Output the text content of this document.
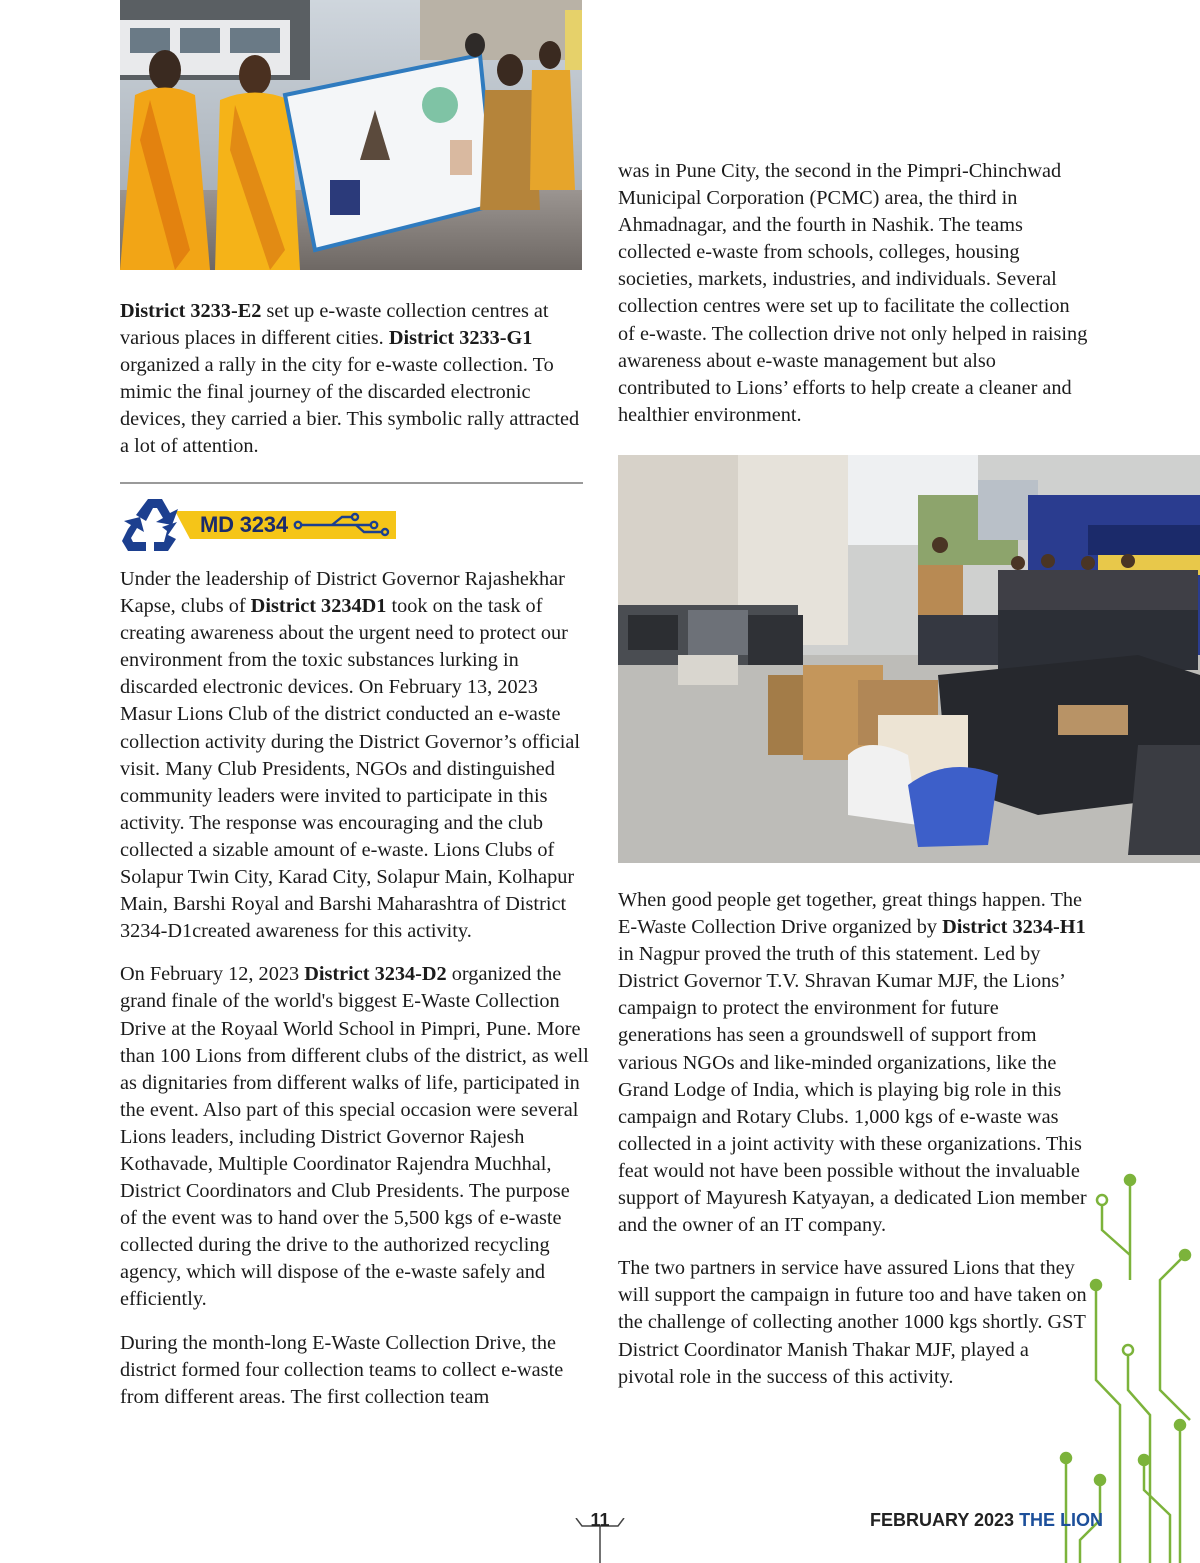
District 3233-E2 set up e-waste collection centres at various places in different cities. District 3233-G1 organized a rally in the city for e-waste collection. To mimic the final journey of the discarded electronic devices, they carried a bier. This symbolic rally attracted a lot of attention.

MD 3234

Under the leadership of District Governor Rajashekhar Kapse, clubs of District 3234D1 took on the task of creating awareness about the urgent need to protect our environment from the toxic substances lurking in discarded electronic devices. On February 13, 2023 Masur Lions Club of the district conducted an e-waste collection activity during the District Governor’s official visit. Many Club Presidents, NGOs and distinguished community leaders were invited to participate in this activity. The response was encouraging and the club collected a sizable amount of e-waste. Lions Clubs of Solapur Twin City, Karad City, Solapur Main, Kolhapur Main, Barshi Royal and Barshi Maharashtra of District 3234-D1created awareness for this activity.

On February 12, 2023 District 3234-D2 organized the grand finale of the world's biggest E-Waste Collection Drive at the Royaal World School in Pimpri, Pune. More than 100 Lions from different clubs of the district, as well as dignitaries from different walks of life, participated in the event. Also part of this special occasion were several Lions leaders, including District Governor Rajesh Kothavade, Multiple Coordinator Rajendra Muchhal, District Coordinators and Club Presidents. The purpose of the event was to hand over the 5,500 kgs of e-waste collected during the drive to the authorized recycling agency, which will dispose of the e-waste safely and efficiently.

During the month-long E-Waste Collection Drive, the district formed four collection teams to collect e-waste from different areas. The first collection team

was in Pune City, the second in the Pimpri-Chinchwad Municipal Corporation (PCMC) area, the third in Ahmadnagar, and the fourth in Nashik. The teams collected e-waste from schools, colleges, housing societies, markets, industries, and individuals. Several collection centres were set up to facilitate the collection of e-waste. The collection drive not only helped in raising awareness about e-waste management but also contributed to Lions’ efforts to help create a cleaner and healthier environment.

When good people get together, great things happen. The E-Waste Collection Drive organized by District 3234-H1 in Nagpur proved the truth of this statement. Led by District Governor T.V. Shravan Kumar MJF, the Lions’ campaign to protect the environment for future generations has seen a groundswell of support from various NGOs and like-minded organizations, like the Grand Lodge of India, which is playing big role in this campaign and Rotary Clubs. 1,000 kgs of e-waste was collected in a joint activity with these organizations. This feat would not have been possible without the invaluable support of Mayuresh Katyayan, a dedicated Lion member and the owner of an IT company.

The two partners in service have assured Lions that they will support the campaign in future too and have taken on the challenge of collecting another 1000 kgs shortly. GST District Coordinator Manish Thakar MJF, played a pivotal role in the success of this activity.

11	FEBRUARY 2023 THE LION
